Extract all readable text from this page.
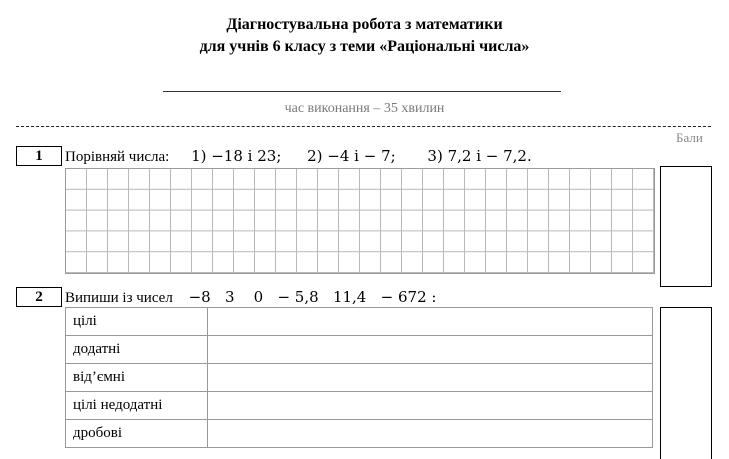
Діагностувальна робота з математики
для учнів 6 класу з теми «Раціональні числа»
час виконання – 35 хвилин
Бали
1	Порівняй числа: 1) −18 і 23; 2) −4 і − 7; 3) 7,2 і − 7,2.
2	Випиши із чисел −8   3    0   − 5,8   11,4   − 672 :
цілі	
додатні	
від’ємні	
цілі недодатні	
дробові	
